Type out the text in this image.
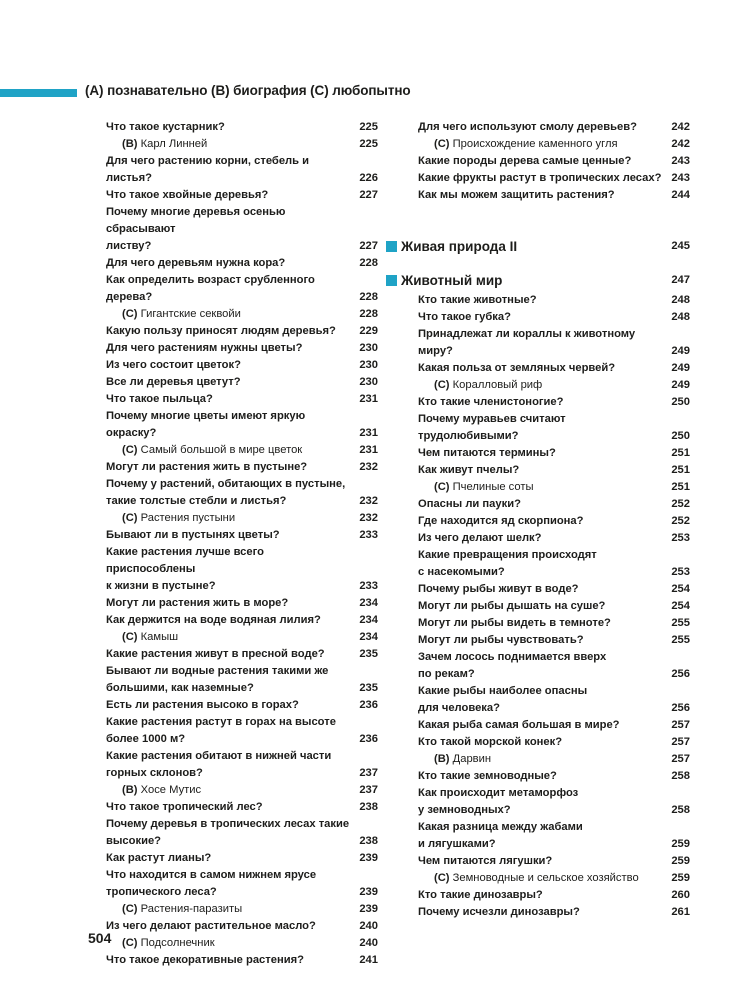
(A) познавательно (B) биография (C) любопытно
Что такое кустарник?	225
(B) Карл Линней	225
Для чего растению корни, стебель и листья?	226
Что такое хвойные деревья?	227
Почему многие деревья осенью сбрасывают
листву?	227
Для чего деревьям нужна кора?	228
Как определить возраст срубленного
дерева?	228
(C) Гигантские секвойи	228
Какую пользу приносят людям деревья?	229
Для чего растениям нужны цветы?	230
Из чего состоит цветок?	230
Все ли деревья цветут?	230
Что такое пыльца?	231
Почему многие цветы имеют яркую
окраску?	231
(C) Самый большой в мире цветок	231
Могут ли растения жить в пустыне?	232
Почему у растений, обитающих в пустыне,
такие толстые стебли и листья?	232
(C) Растения пустыни	232
Бывают ли в пустынях цветы?	233
Какие растения лучше всего приспособлены
к жизни в пустыне?	233
Могут ли растения жить в море?	234
Как держится на воде водяная лилия?	234
(C) Камыш	234
Какие растения живут в пресной воде?	235
Бывают ли водные растения такими же
большими, как наземные?	235
Есть ли растения высоко в горах?	236
Какие растения растут в горах на высоте
более 1000 м?	236
Какие растения обитают в нижней части
горных склонов?	237
(B) Хосе Мутис	237
Что такое тропический лес?	238
Почему деревья в тропических лесах такие
высокие?	238
Как растут лианы?	239
Что находится в самом нижнем ярусе
тропического леса?	239
(C) Растения-паразиты	239
Из чего делают растительное масло?	240
(C) Подсолнечник	240
Что такое декоративные растения?	241
Для чего используют смолу деревьев?	242
(C) Происхождение каменного угля	242
Какие породы дерева самые ценные?	243
Какие фрукты растут в тропических лесах? 243
Как мы можем защитить растения?	244
Живая природа II	245
Животный мир	247
Кто такие животные?	248
Что такое губка?	248
Принадлежат ли кораллы к животному
миру?	249
Какая польза от земляных червей?	249
(C) Коралловый риф	249
Кто такие членистоногие?	250
Почему муравьев считают
трудолюбивыми?	250
Чем питаются термины?	251
Как живут пчелы?	251
(C) Пчелиные соты	251
Опасны ли пауки?	252
Где находится яд скорпиона?	252
Из чего делают шелк?	253
Какие превращения происходят
с насекомыми?	253
Почему рыбы живут в воде?	254
Могут ли рыбы дышать на суше?	254
Могут ли рыбы видеть в темноте?	255
Могут ли рыбы чувствовать?	255
Зачем лосось поднимается вверх
по рекам?	256
Какие рыбы наиболее опасны
для человека?	256
Какая рыба самая большая в мире?	257
Кто такой морской конек?	257
(B) Дарвин	257
Кто такие земноводные?	258
Как происходит метаморфоз
у земноводных?	258
Какая разница между жабами
и лягушками?	259
Чем питаются лягушки?	259
(C) Земноводные и сельское хозяйство	259
Кто такие динозавры?	260
Почему исчезли динозавры?	261
504
